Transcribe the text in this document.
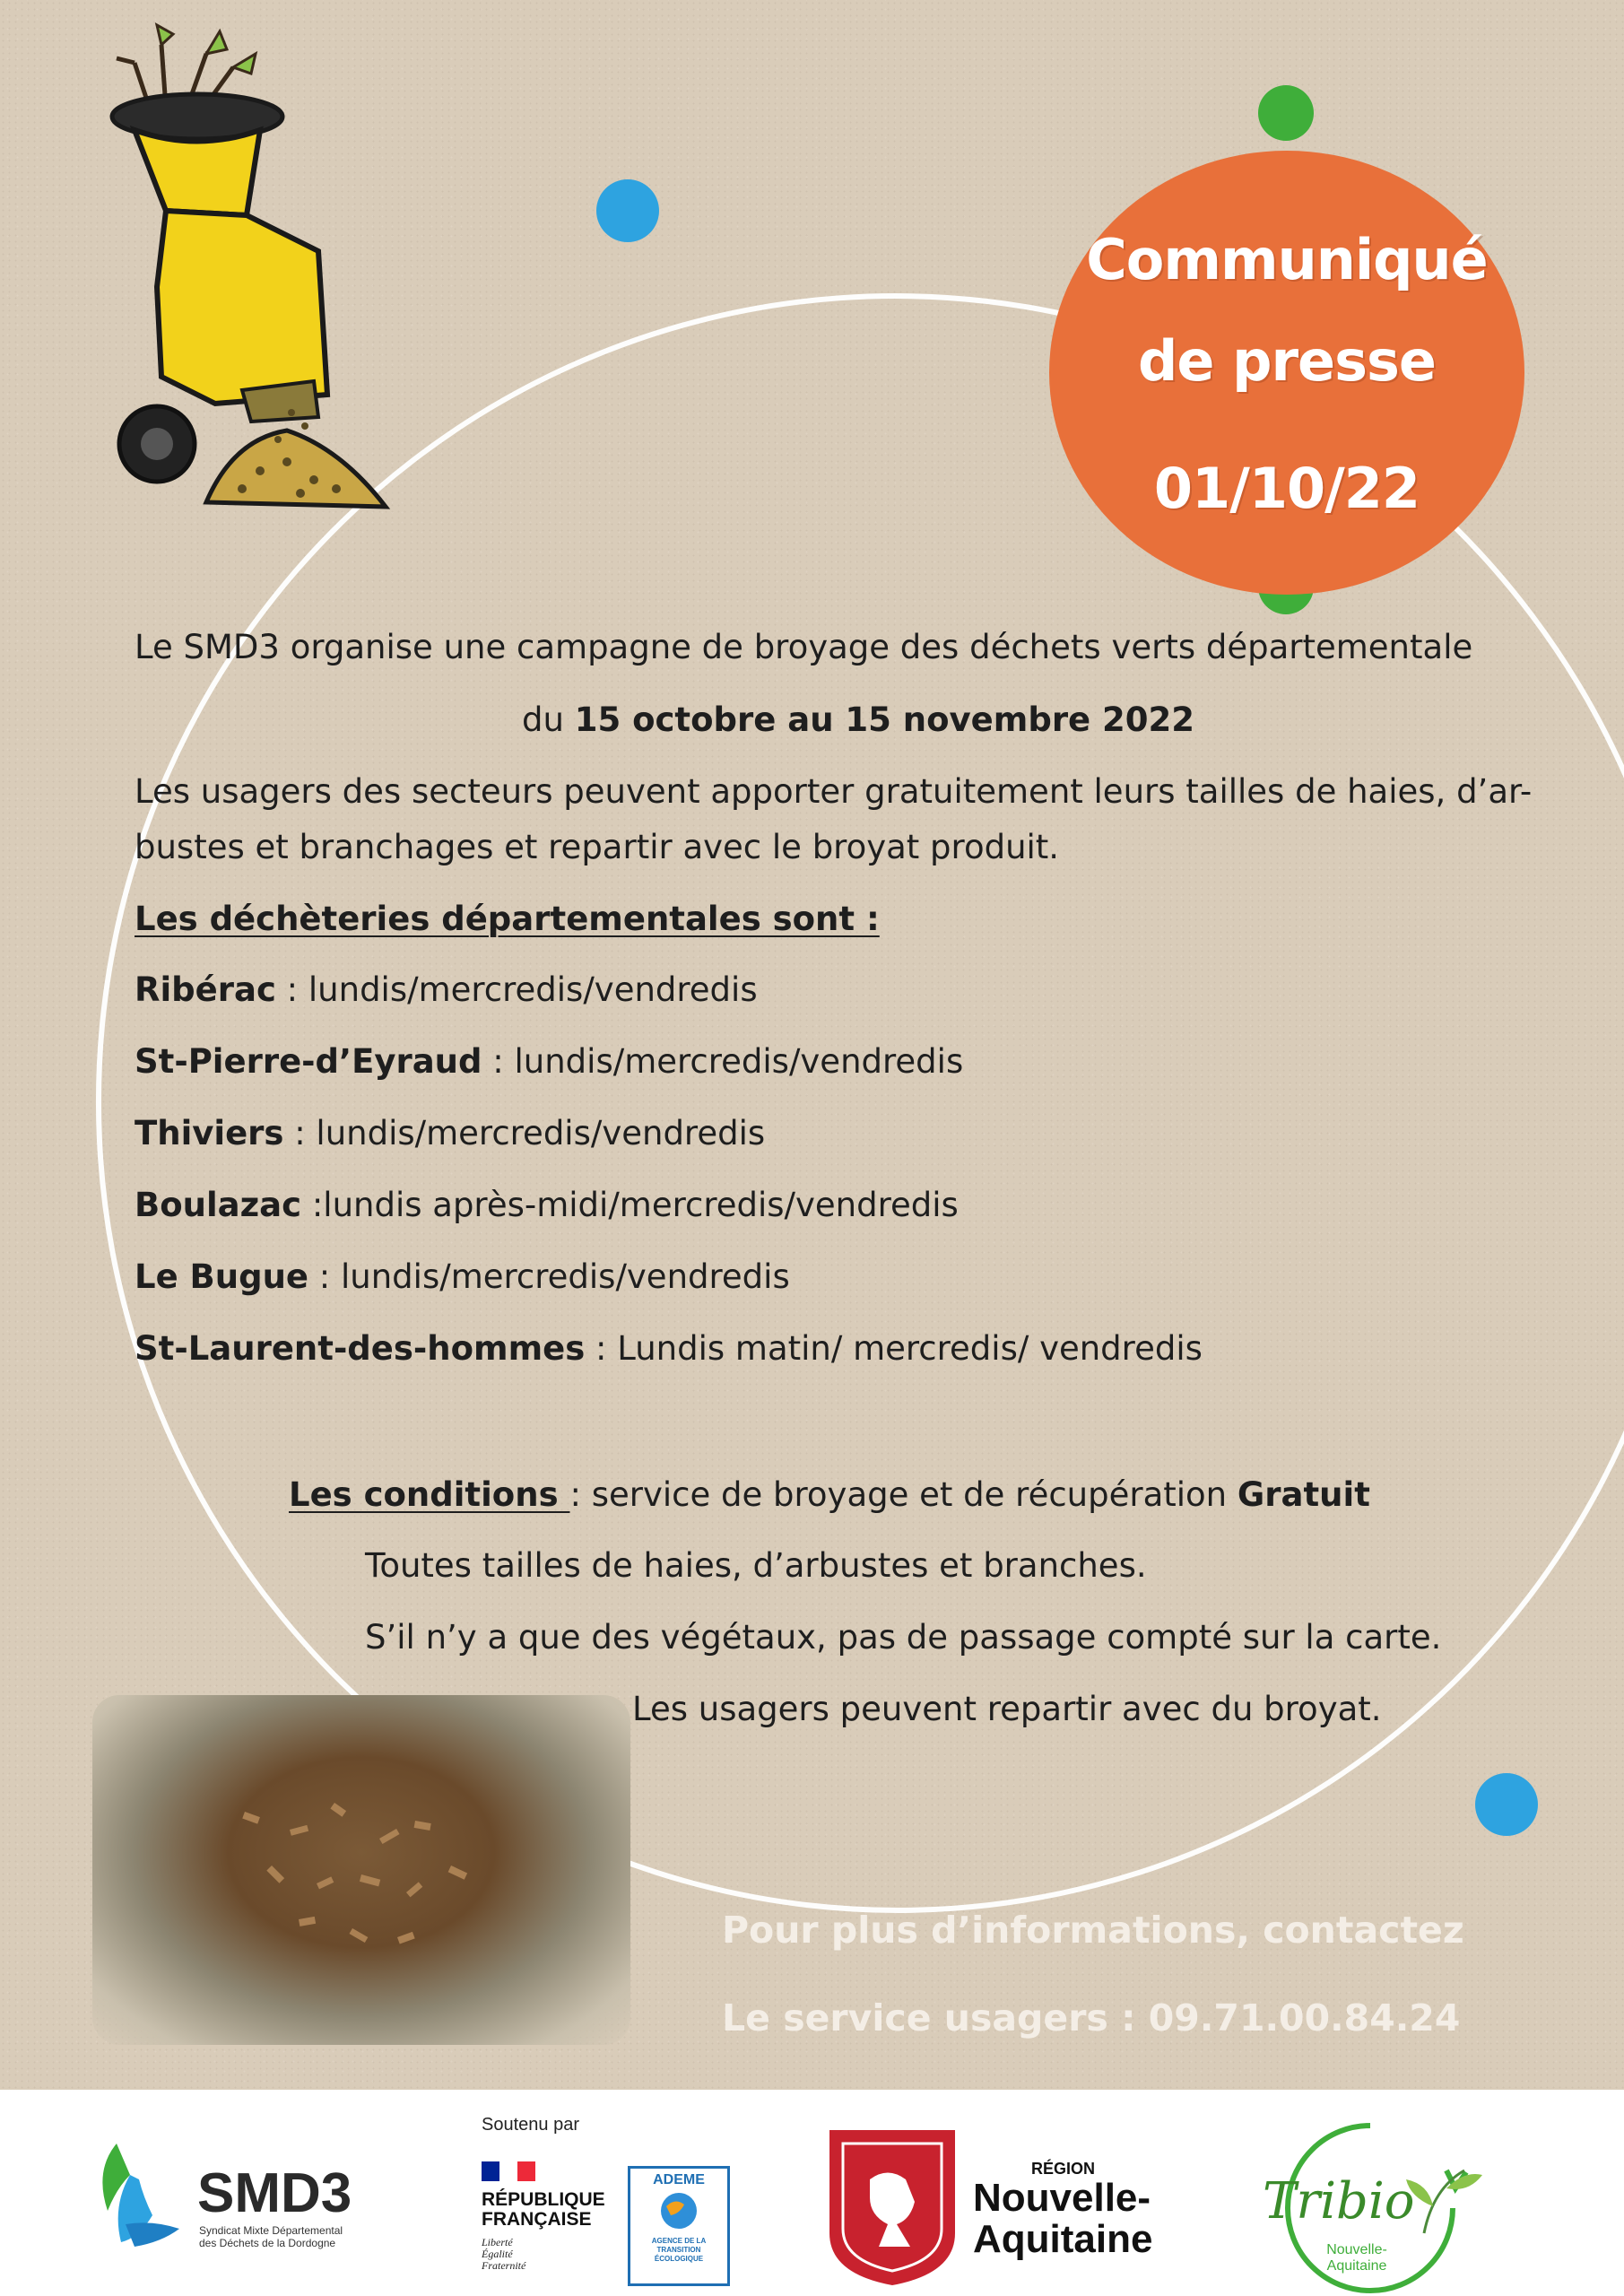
Communiqué
de presse
01/10/22
Le SMD3 organise une campagne de broyage des déchets verts départementale
du 15 octobre au 15 novembre 2022
Les usagers des secteurs peuvent apporter gratuitement leurs tailles de haies, d’ar-
bustes et branchages et repartir avec le broyat produit.
Les déchèteries départementales sont :
Ribérac : lundis/mercredis/vendredis
St-Pierre-d’Eyraud : lundis/mercredis/vendredis
Thiviers : lundis/mercredis/vendredis
Boulazac :lundis après-midi/mercredis/vendredis
Le Bugue : lundis/mercredis/vendredis
St-Laurent-des-hommes : Lundis matin/ mercredis/ vendredis
Les conditions : service de broyage et de récupération Gratuit
Toutes tailles de haies, d’arbustes et branches.
S’il n’y a que des végétaux, pas de passage compté sur la carte.
Les usagers peuvent repartir avec du broyat.
Pour plus d’informations, contactez
Le service usagers : 09.71.00.84.24
SMD3
Syndicat Mixte Départemental
des Déchets de la Dordogne
Soutenu par
RÉPUBLIQUE
FRANÇAISE
Liberté
Égalité
Fraternité
ADEME
AGENCE DE LA
TRANSITION
ÉCOLOGIQUE
RÉGION
Nouvelle-
Aquitaine
Tribio
Nouvelle-
Aquitaine
